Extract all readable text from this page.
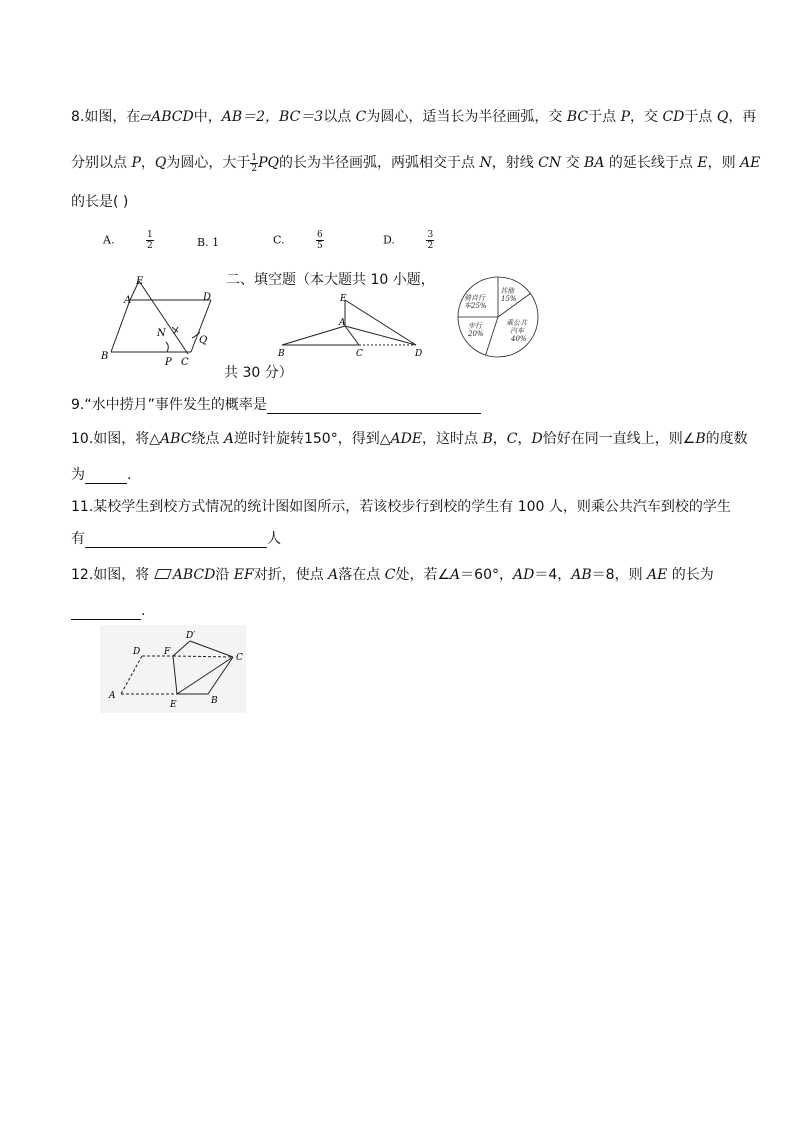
8.如图，在▱ABCD中，AB＝2，BC＝3以点 C为圆心，适当长为半径画弧，交 BC于点 P，交 CD于点 Q，再
分别以点 P，Q为圆心，大于 $\frac{1}{2}$ PQ的长为半径画弧，两弧相交于点 N，射线 CN 交 BA 的延长线于点 E，则 AE
的长是( )
A.	$\frac{1}{2}$	B. 1	C.	$\frac{6}{5}$	D.	$\frac{3}{2}$
E
A	D
N
Q
B
P C
二、填空题（本大题共 10 小题，
共 30 分）
E
A
B	C	D
其他
15%
乘公共
汽车
40%
步行
20%
骑自行
车25%
9.“水中捞月”事件发生的概率是
10.如图，将△ABC绕点 A逆时针旋转150°，得到△ADE，这时点 B，C，D恰好在同一直线上，则∠B的度数
为	.
11.某校学生到校方式情况的统计图如图所示，若该校步行到校的学生有 100 人，则乘公共汽车到校的学生
有	人
12.如图，将 ABCD沿 EF对折，使点 A落在点 C处，若∠A＝60°，AD＝4，AB＝8，则 AE 的长为
.
D	F
D′
C
A
E	B
